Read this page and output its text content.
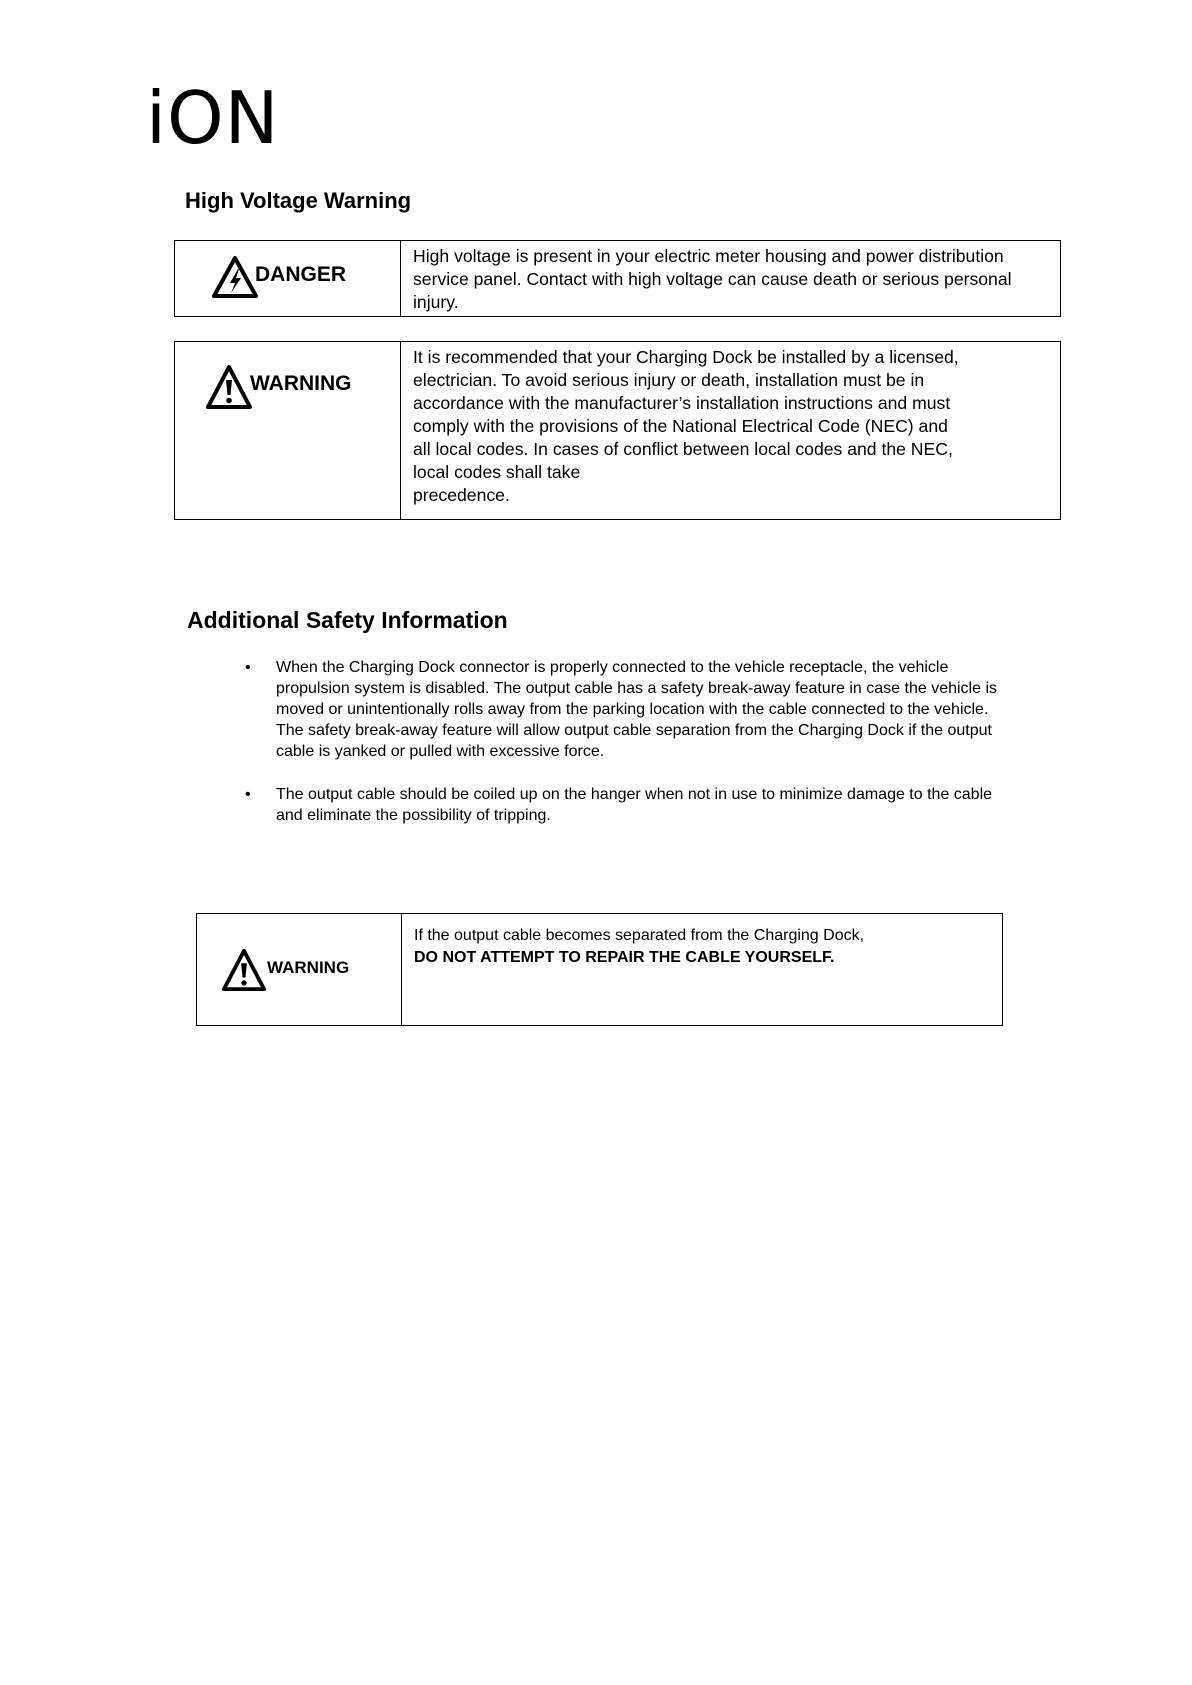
iON
High Voltage Warning
DANGER
High voltage is present in your electric meter housing and power distribution service panel. Contact with high voltage can cause death or serious personal injury.
WARNING
It is recommended that your Charging Dock be installed by a licensed,
electrician. To avoid serious injury or death, installation must be in
accordance with the manufacturer’s installation instructions and must
comply with the provisions of the National Electrical Code (NEC) and
all local codes. In cases of conflict between local codes and the NEC,
local codes shall take
precedence.
Additional Safety Information
• When the Charging Dock connector is properly connected to the vehicle receptacle, the vehicle propulsion system is disabled. The output cable has a safety break-away feature in case the vehicle is moved or unintentionally rolls away from the parking location with the cable connected to the vehicle. The safety break-away feature will allow output cable separation from the Charging Dock if the output cable is yanked or pulled with excessive force.
• The output cable should be coiled up on the hanger when not in use to minimize damage to the cable and eliminate the possibility of tripping.
WARNING
If the output cable becomes separated from the Charging Dock,
DO NOT ATTEMPT TO REPAIR THE CABLE YOURSELF.
